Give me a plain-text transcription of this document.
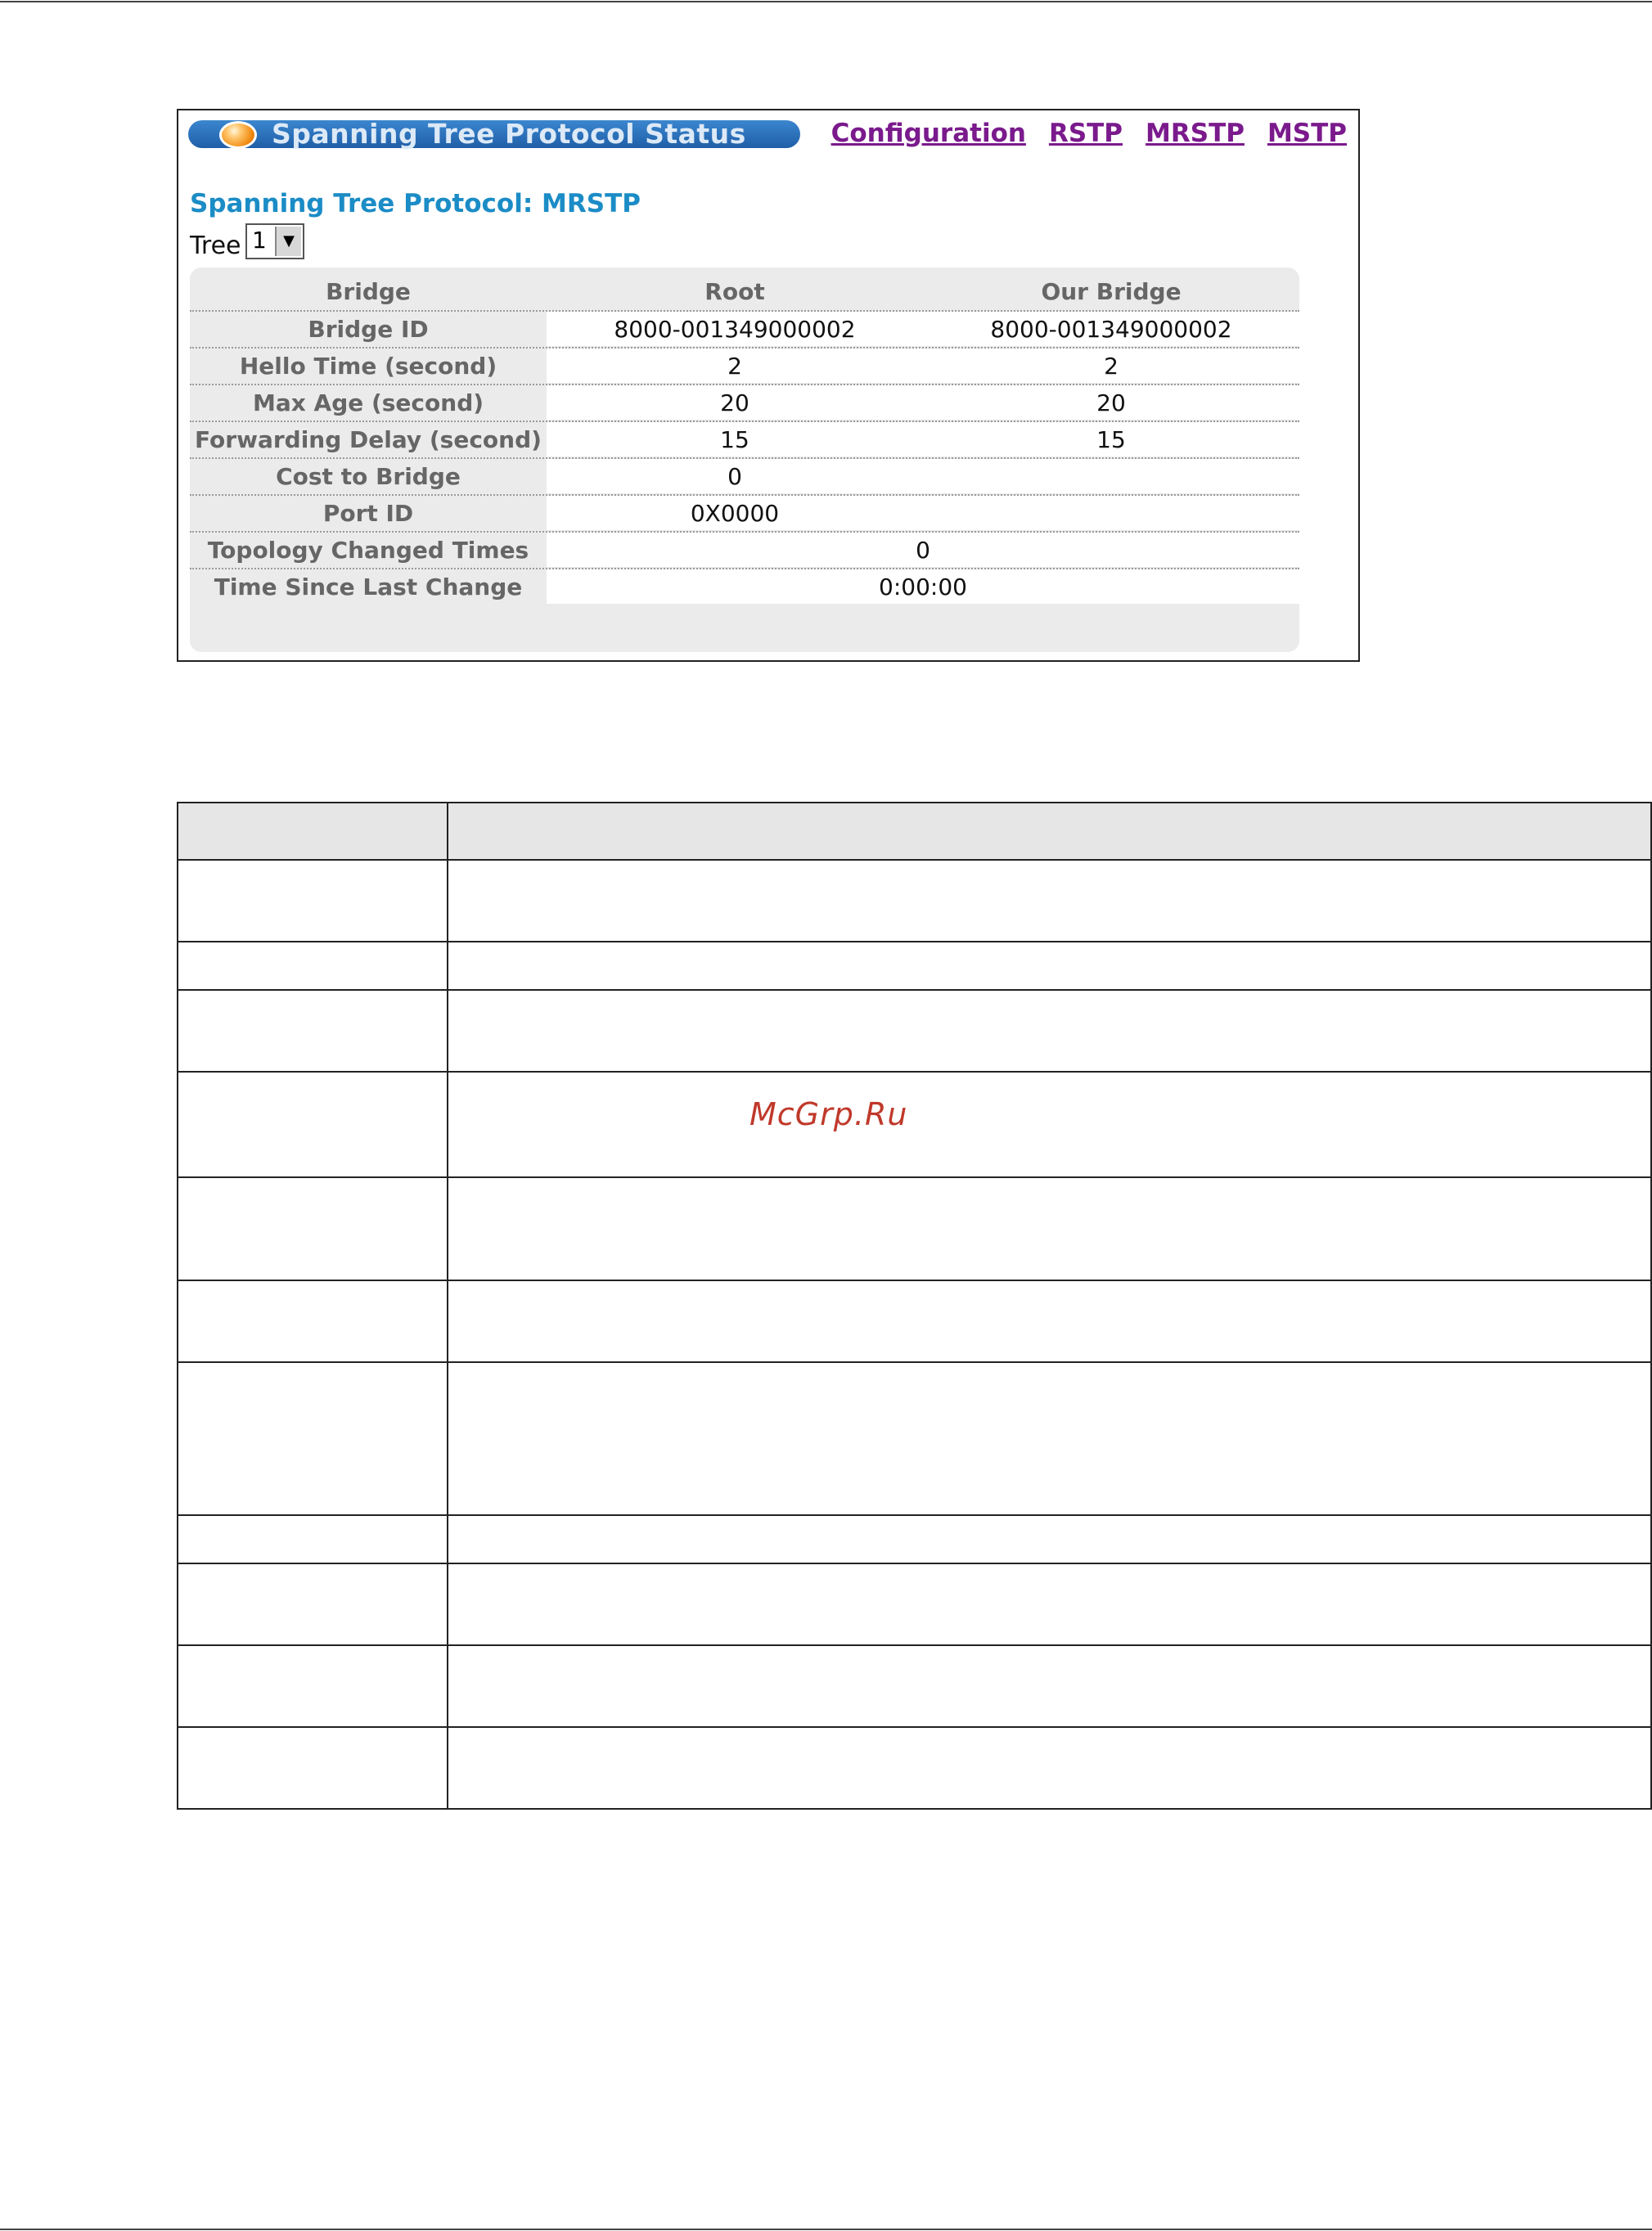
Spanning Tree Protocol Status	Configuration RSTP MRSTP MSTP
Spanning Tree Protocol: MRSTP
Tree 1	▼
Bridge	Root	Our Bridge
Bridge ID	8000-001349000002	8000-001349000002
Hello Time (second)	2	2
Max Age (second)	20	20
Forwarding Delay (second)	15	15
Cost to Bridge	0
Port ID	0X0000
Topology Changed Times	0
Time Since Last Change	0:00:00

McGrp.Ru
